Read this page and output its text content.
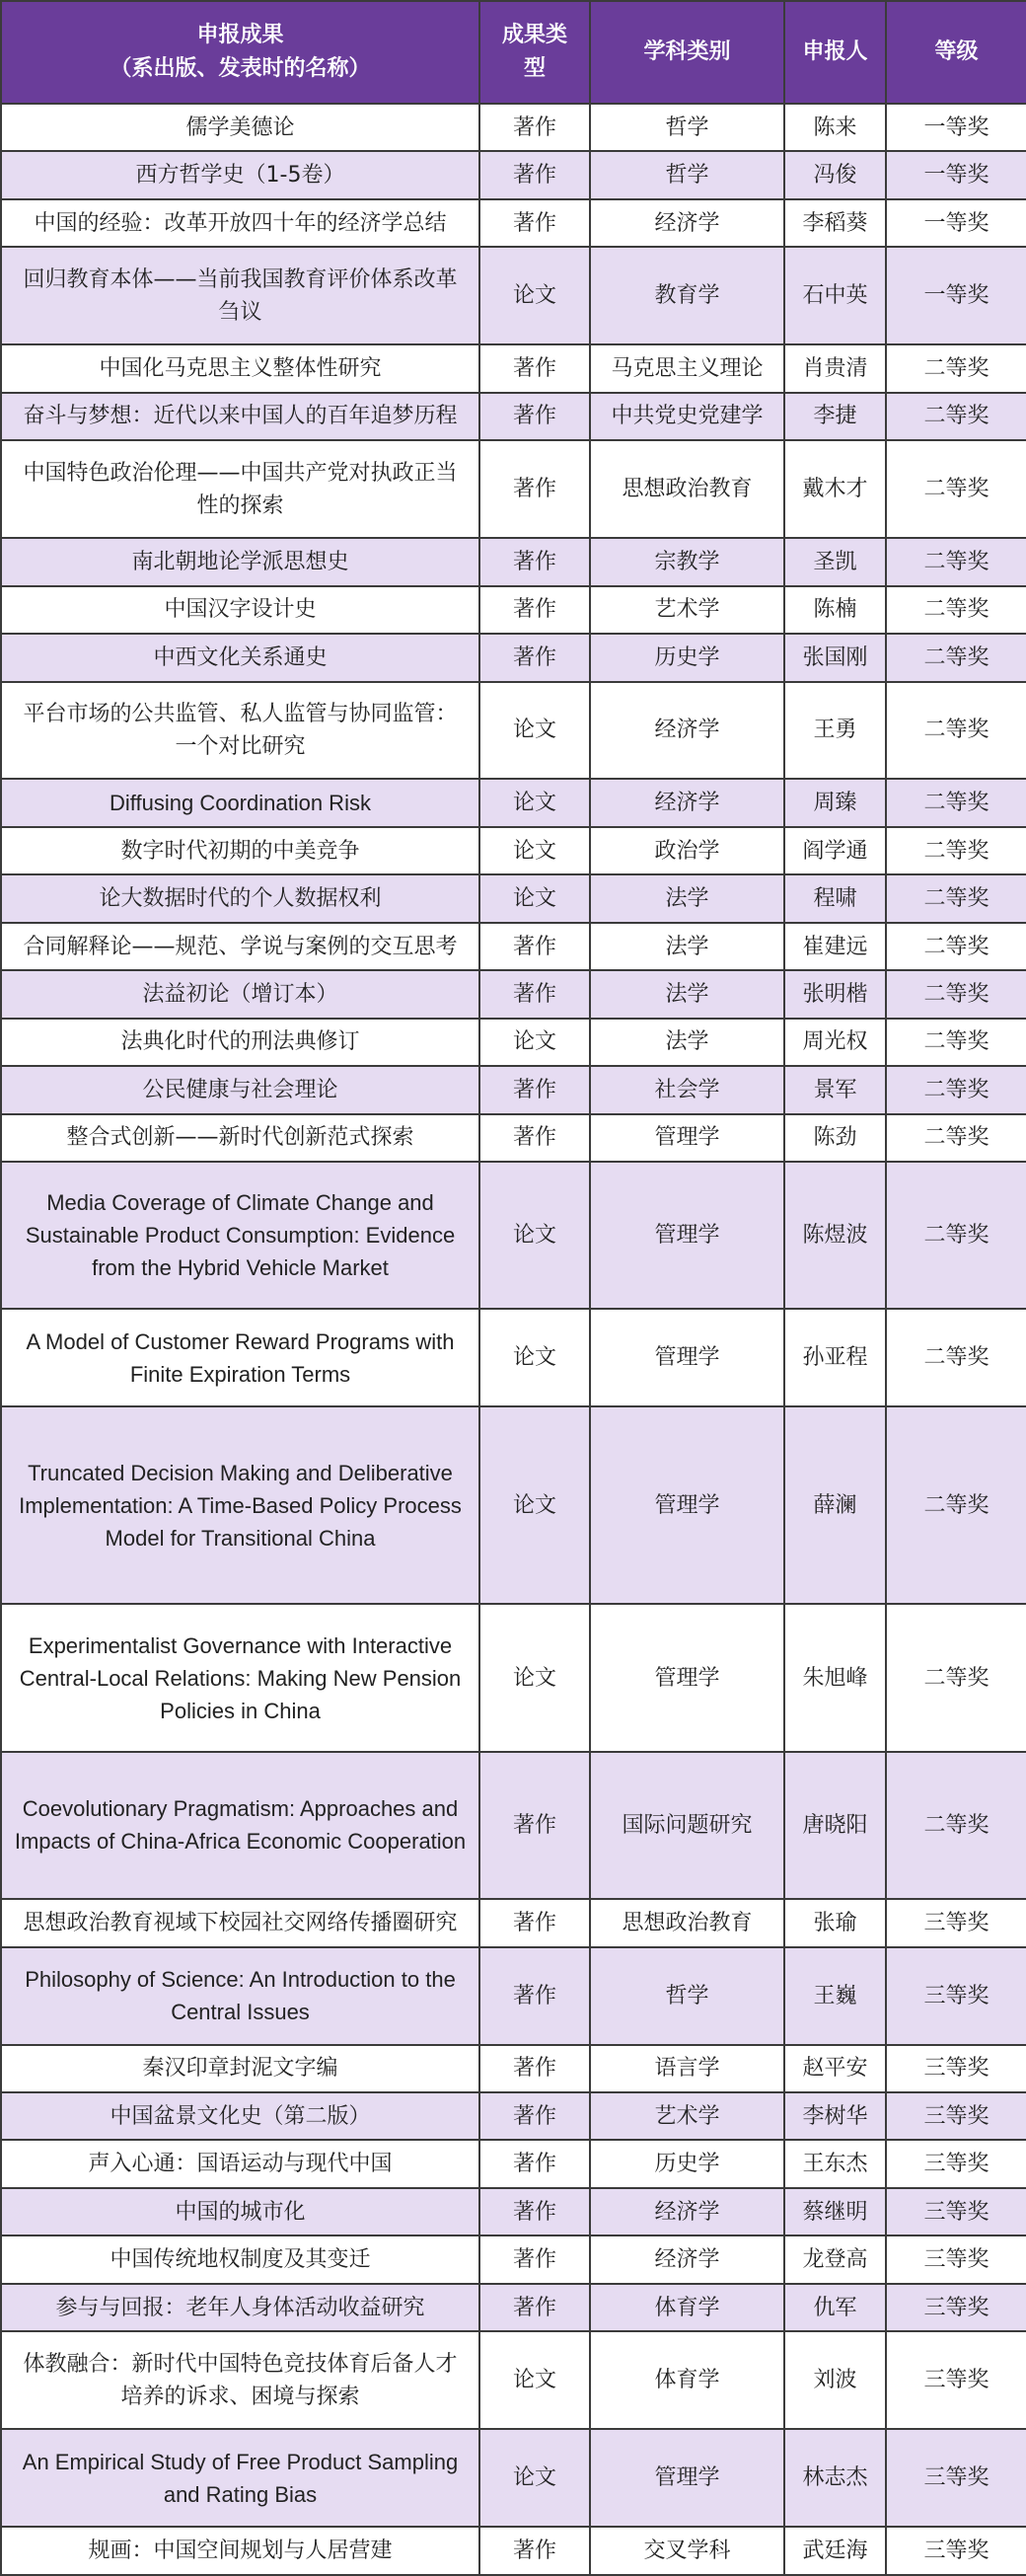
申报成果
（系出版、发表时的名称）	成果类型	学科类别	申报人	等级
儒学美德论	著作	哲学	陈来	一等奖
西方哲学史（1-5卷）	著作	哲学	冯俊	一等奖
中国的经验：改革开放四十年的经济学总结	著作	经济学	李稻葵	一等奖
回归教育本体——当前我国教育评价体系改革刍议	论文	教育学	石中英	一等奖
中国化马克思主义整体性研究	著作	马克思主义理论	肖贵清	二等奖
奋斗与梦想：近代以来中国人的百年追梦历程	著作	中共党史党建学	李捷	二等奖
中国特色政治伦理——中国共产党对执政正当性的探索	著作	思想政治教育	戴木才	二等奖
南北朝地论学派思想史	著作	宗教学	圣凯	二等奖
中国汉字设计史	著作	艺术学	陈楠	二等奖
中西文化关系通史	著作	历史学	张国刚	二等奖
平台市场的公共监管、私人监管与协同监管：一个对比研究	论文	经济学	王勇	二等奖
Diffusing Coordination Risk	论文	经济学	周臻	二等奖
数字时代初期的中美竞争	论文	政治学	阎学通	二等奖
论大数据时代的个人数据权利	论文	法学	程啸	二等奖
合同解释论——规范、学说与案例的交互思考	著作	法学	崔建远	二等奖
法益初论（增订本）	著作	法学	张明楷	二等奖
法典化时代的刑法典修订	论文	法学	周光权	二等奖
公民健康与社会理论	著作	社会学	景军	二等奖
整合式创新——新时代创新范式探索	著作	管理学	陈劲	二等奖
Media Coverage of Climate Change and Sustainable Product Consumption: Evidence from the Hybrid Vehicle Market	论文	管理学	陈煜波	二等奖
A Model of Customer Reward Programs with Finite Expiration Terms	论文	管理学	孙亚程	二等奖
Truncated Decision Making and Deliberative Implementation: A Time-Based Policy Process Model for Transitional China	论文	管理学	薛澜	二等奖
Experimentalist Governance with Interactive Central-Local Relations: Making New Pension Policies in China	论文	管理学	朱旭峰	二等奖
Coevolutionary Pragmatism: Approaches and Impacts of China-Africa Economic Cooperation	著作	国际问题研究	唐晓阳	二等奖
思想政治教育视域下校园社交网络传播圈研究	著作	思想政治教育	张瑜	三等奖
Philosophy of Science: An Introduction to the Central Issues	著作	哲学	王巍	三等奖
秦汉印章封泥文字编	著作	语言学	赵平安	三等奖
中国盆景文化史（第二版）	著作	艺术学	李树华	三等奖
声入心通：国语运动与现代中国	著作	历史学	王东杰	三等奖
中国的城市化	著作	经济学	蔡继明	三等奖
中国传统地权制度及其变迁	著作	经济学	龙登高	三等奖
参与与回报：老年人身体活动收益研究	著作	体育学	仇军	三等奖
体教融合：新时代中国特色竞技体育后备人才培养的诉求、困境与探索	论文	体育学	刘波	三等奖
An Empirical Study of Free Product Sampling and Rating Bias	论文	管理学	林志杰	三等奖
规画：中国空间规划与人居营建	著作	交叉学科	武廷海	三等奖
